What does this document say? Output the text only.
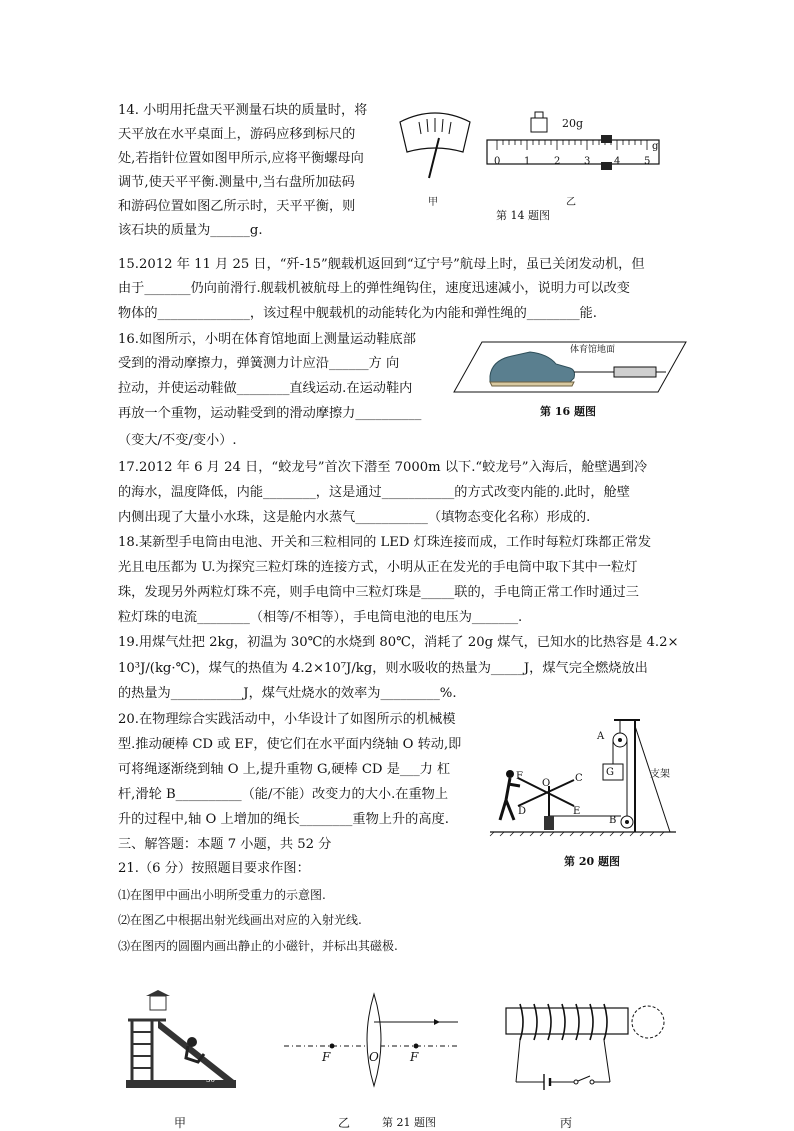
14. 小明用托盘天平测量石块的质量时，将
天平放在水平桌面上，游码应移到标尺的
处,若指针位置如图甲所示,应将平衡螺母向
调节,使天平平衡.测量中,当右盘所加砝码
和游码位置如图乙所示时，天平平衡，则
该石块的质量为______g.
甲
20g
0 1 2 3 4 5
g
乙
第 14 题图
15.2012 年 11 月 25 日，“歼-15”舰载机返回到“辽宁号”航母上时，虽已关闭发动机，但
由于_______仍向前滑行.舰载机被航母上的弹性绳钩住，速度迅速减小，说明力可以改变
物体的______________，该过程中舰载机的动能转化为内能和弹性绳的________能.
16.如图所示，小明在体育馆地面上测量运动鞋底部
受到的滑动摩擦力，弹簧测力计应沿______方 向
拉动，并使运动鞋做________直线运动.在运动鞋内
再放一个重物，运动鞋受到的滑动摩擦力__________
（变大/不变/变小）.
体育馆地面
第 16 题图
17.2012 年 6 月 24 日，“蛟龙号”首次下潜至 7000m 以下.“蛟龙号”入海后，舱壁遇到冷
的海水，温度降低，内能________，这是通过___________的方式改变内能的.此时，舱壁
内侧出现了大量小水珠，这是舱内水蒸气___________（填物态变化名称）形成的.
18.某新型手电筒由电池、开关和三粒相同的 LED 灯珠连接而成，工作时每粒灯珠都正常发
光且电压都为 U.为探究三粒灯珠的连接方式，小明从正在发光的手电筒中取下其中一粒灯
珠，发现另外两粒灯珠不亮，则手电筒中三粒灯珠是_____联的，手电筒正常工作时通过三
粒灯珠的电流________（相等/不相等），手电筒电池的电压为_______.
19.用煤气灶把 2kg，初温为 30℃的水烧到 80℃，消耗了 20g 煤气，已知水的比热容是 4.2×
10³J/(kg·℃)，煤气的热值为 4.2×10⁷J/kg，则水吸收的热量为_____J，煤气完全燃烧放出
的热量为___________J，煤气灶烧水的效率为_________%.
20.在物理综合实践活动中，小华设计了如图所示的机械模
型.推动硬棒 CD 或 EF，使它们在水平面内绕轴 O 转动,即
可将绳逐渐绕到轴 O 上,提升重物 G,硬棒 CD 是___力 杠
杆,滑轮 B__________（能/不能）改变力的大小.在重物上
升的过程中,轴 O 上增加的绳长________重物上升的高度.
A
G	支架
F
O C
D	E
B
第 20 题图
三、解答题：本题 7 小题，共 52 分
21.（6 分）按照题目要求作图：
⑴在图甲中画出小明所受重力的示意图.
⑵在图乙中根据出射光线画出对应的入射光线.
⑶在图丙的圆圈内画出静止的小磁针，并标出其磁极.
30°
F	O	F
甲	乙	第 21 题图	丙
